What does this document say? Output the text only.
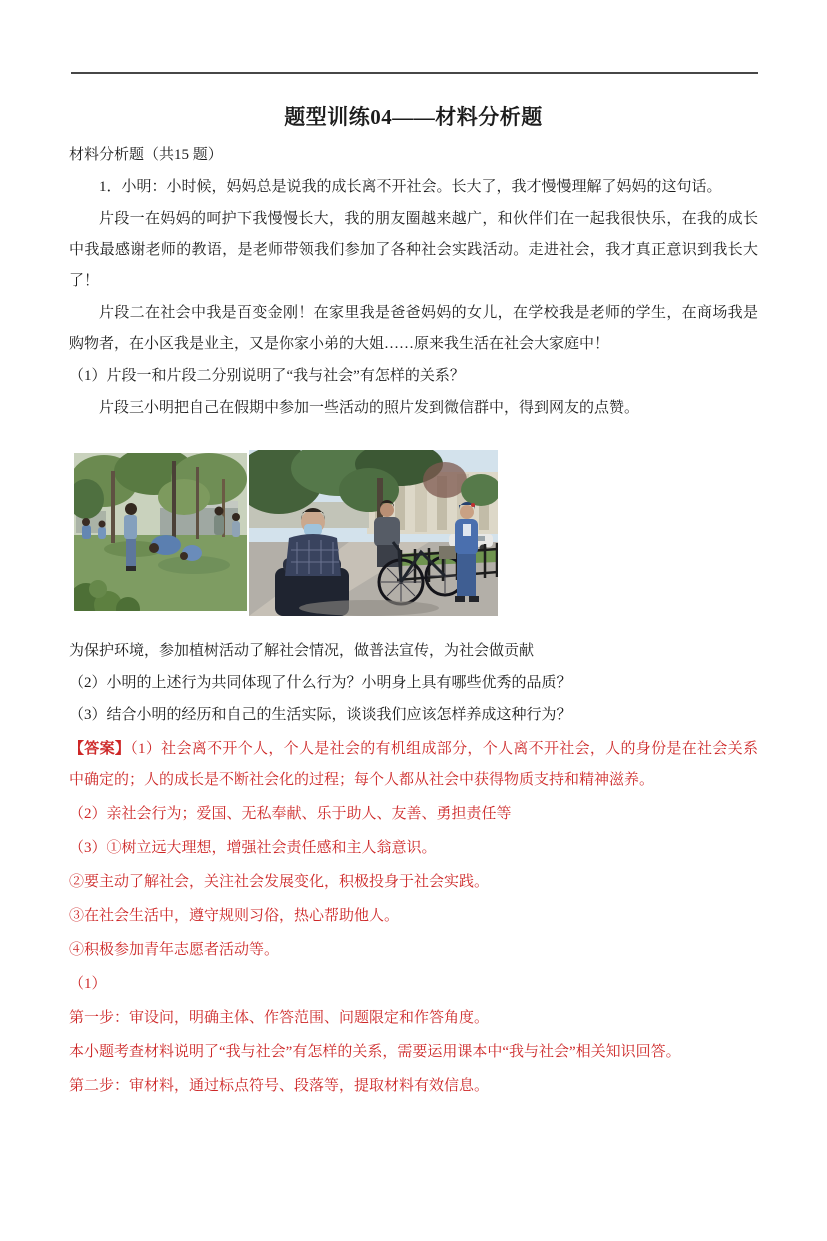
题型训练04——材料分析题

材料分析题（共15 题）

1．小明：小时候，妈妈总是说我的成长离不开社会。长大了，我才慢慢理解了妈妈的这句话。

片段一在妈妈的呵护下我慢慢长大，我的朋友圈越来越广，和伙伴们在一起我很快乐，在我的成长中我最感谢老师的教语，是老师带领我们参加了各种社会实践活动。走进社会，我才真正意识到我长大了！

片段二在社会中我是百变金刚！在家里我是爸爸妈妈的女儿，在学校我是老师的学生，在商场我是购物者，在小区我是业主，又是你家小弟的大姐……原来我生活在社会大家庭中！

（1）片段一和片段二分别说明了“我与社会”有怎样的关系？

片段三小明把自己在假期中参加一些活动的照片发到微信群中，得到网友的点赞。

为保护环境，参加植树活动了解社会情况，做普法宣传，为社会做贡献

（2）小明的上述行为共同体现了什么行为？小明身上具有哪些优秀的品质？

（3）结合小明的经历和自己的生活实际，谈谈我们应该怎样养成这种行为？

【答案】（1）社会离不开个人，个人是社会的有机组成部分，个人离不开社会，人的身份是在社会关系中确定的；人的成长是不断社会化的过程；每个人都从社会中获得物质支持和精神滋养。

（2）亲社会行为；爱国、无私奉献、乐于助人、友善、勇担责任等

（3）①树立远大理想，增强社会责任感和主人翁意识。

②要主动了解社会，关注社会发展变化，积极投身于社会实践。

③在社会生活中，遵守规则习俗，热心帮助他人。

④积极参加青年志愿者活动等。

（1）

第一步：审设问，明确主体、作答范围、问题限定和作答角度。

本小题考查材料说明了“我与社会”有怎样的关系，需要运用课本中“我与社会”相关知识回答。

第二步：审材料，通过标点符号、段落等，提取材料有效信息。
